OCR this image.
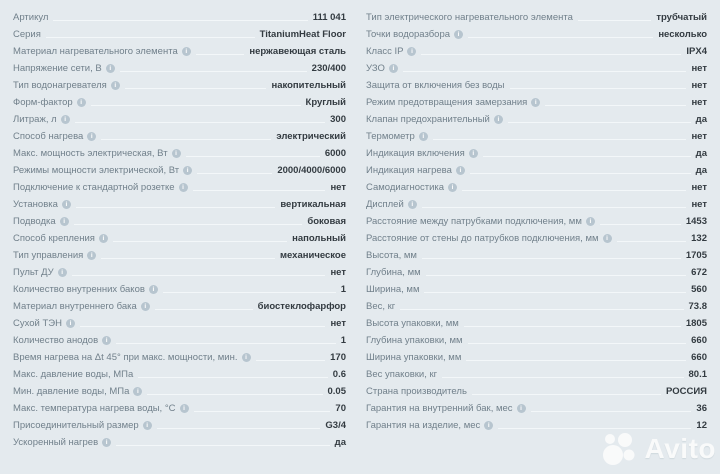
Артикул	111 041
Серия	TitaniumHeat Floor
Материал нагревательного элемента	i	нержавеющая сталь
Напряжение сети, В	i	230/400
Тип водонагревателя	i	накопительный
Форм-фактор	i	Круглый
Литраж, л	i	300
Способ нагрева	i	электрический
Макс. мощность электрическая, Вт	i	6000
Режимы мощности электрической, Вт	i	2000/4000/6000
Подключение к стандартной розетке	i	нет
Установка	i	вертикальная
Подводка	i	боковая
Способ крепления	i	напольный
Тип управления	i	механическое
Пульт ДУ	i	нет
Количество внутренних баков	i	1
Материал внутреннего бака	i	биостеклофарфор
Сухой ТЭН	i	нет
Количество анодов	i	1
Время нагрева на Δt 45° при макс. мощности, мин.	i	170
Макс. давление воды, МПа	0.6
Мин. давление воды, МПа	i	0.05
Макс. температура нагрева воды, °С	i	70
Присоединительный размер	i	G3/4
Ускоренный нагрев	i	да
Тип электрического нагревательного элемента	трубчатый
Точки водоразбора	i	несколько
Класс IP	i	IPX4
УЗО	i	нет
Защита от включения без воды	нет
Режим предотвращения замерзания	i	нет
Клапан предохранительный	i	да
Термометр	i	нет
Индикация включения	i	да
Индикация нагрева	i	да
Самодиагностика	i	нет
Дисплей	i	нет
Расстояние между патрубками подключения, мм	i	1453
Расстояние от стены до патрубков подключения, мм	i	132
Высота, мм	1705
Глубина, мм	672
Ширина, мм	560
Вес, кг	73.8
Высота упаковки, мм	1805
Глубина упаковки, мм	660
Ширина упаковки, мм	660
Вес упаковки, кг	80.1
Страна производитель	РОССИЯ
Гарантия на внутренний бак, мес	i	36
Гарантия на изделие, мес	i	12
Avito
